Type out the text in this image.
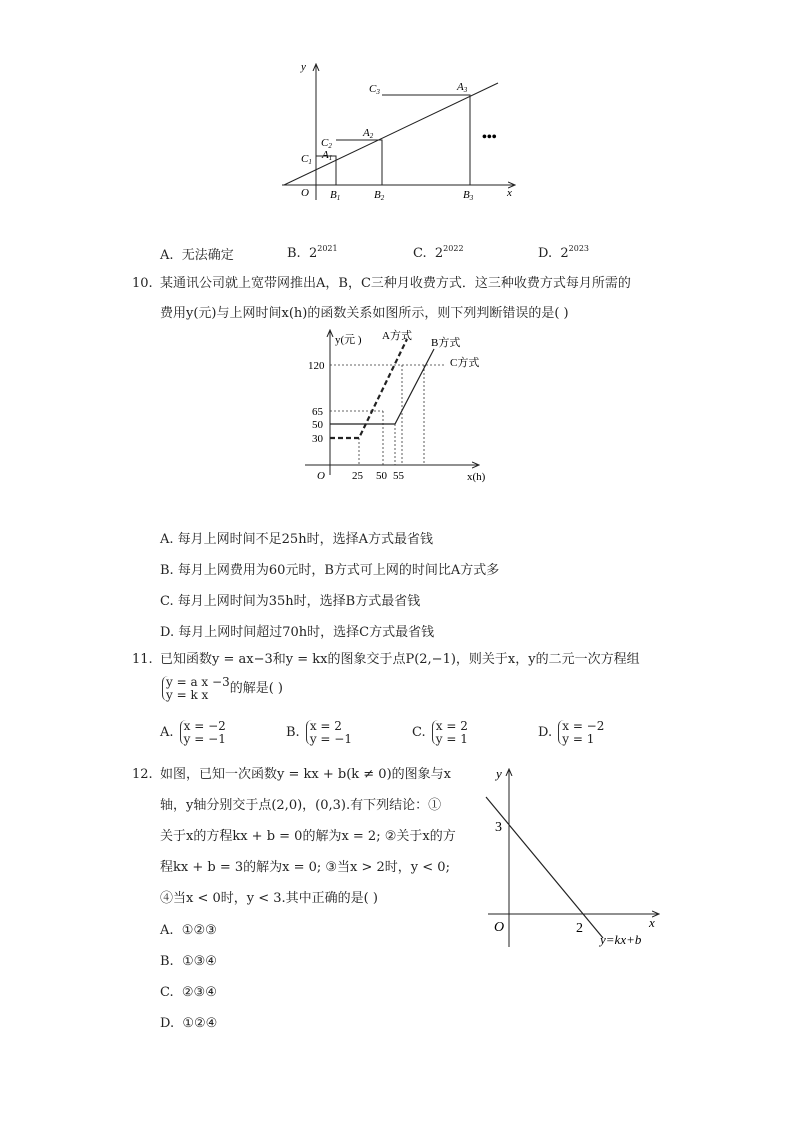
y
x
O
C1
C2
C3
A1
A2
A3
B1	B2	B3
•••
A. 无法确定	B. $2^{2021}$	C. $2^{2022}$	D. $2^{2023}$
10. 某通讯公司就上宽带网推出A，B，C三种月收费方式．这三种收费方式每月所需的
费用y(元)与上网时间x(h)的函数关系如图所示，则下列判断错误的是( )
y(元 ) A方式
B方式
C方式
120
65
50
30
O 25 50 55	x(h)
A. 每月上网时间不足25h时，选择A方式最省钱
B. 每月上网费用为60元时，B方式可上网的时间比A方式多
C. 每月上网时间为35h时，选择B方式最省钱
D. 每月上网时间超过70h时，选择C方式最省钱
11. 已知函数y = ax−3和y = kx的图象交于点P(2,−1)，则关于x，y的二元一次方程组
y = a x −3
y = k x 的解是( )
A. x = −2
y = −1	B. x = 2
y = −1	C. x = 2
y = 1	D. x = −2
y = 1
12. 如图，已知一次函数y = kx + b(k ≠ 0)的图象与x
轴，y轴分别交于点(2,0)，(0,3).有下列结论：①
关于x的方程kx + b = 0的解为x = 2; ②关于x的方
程kx + b = 3的解为x = 0; ③当x > 2时，y < 0;
④当x < 0时，y < 3.其中正确的是( )
A. ①②③
B. ①③④
C. ②③④
D. ①②④
y
x
O
3
2
y=kx+b
